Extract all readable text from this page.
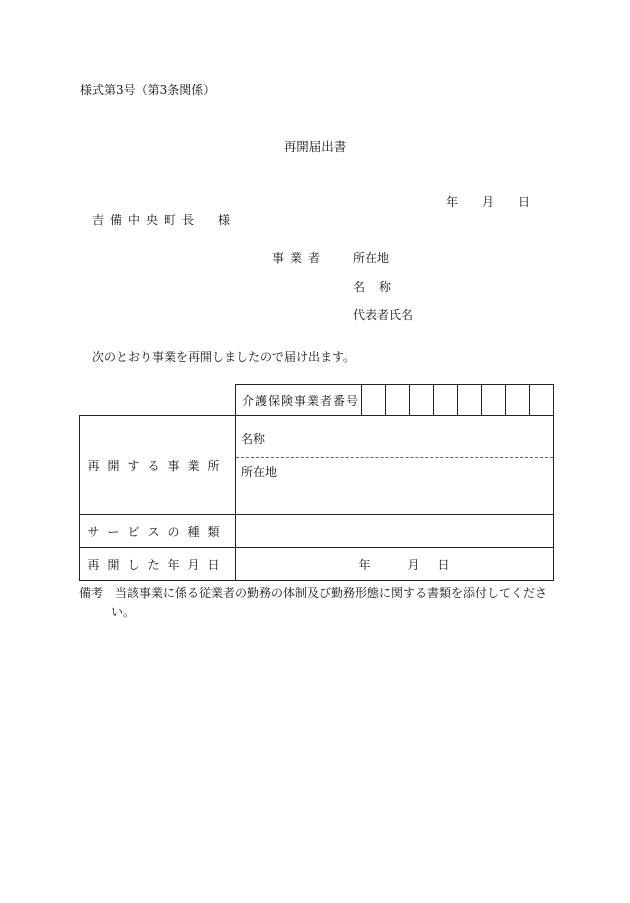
様式第3号（第3条関係）
再開届出書
年 月 日
吉備中央町長　様
事業者 所在地
名称
代表者氏名
次のとおり事業を再開しましたので届け出ます。
	介護保険事業者番号								
再開する事業所	名称
所在地								

サービスの種類									
再開した年月日	年 月 日								
備考　当該事業に係る従業者の勤務の体制及び勤務形態に関する書類を添付してくださ
い。
